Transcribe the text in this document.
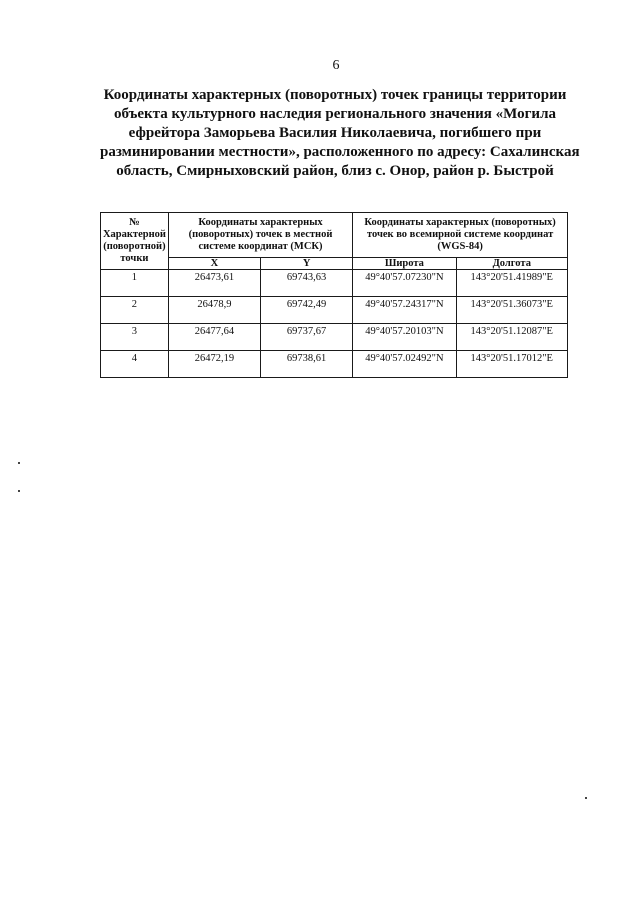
6
Координаты характерных (поворотных) точек границы территории
объекта культурного наследия регионального значения «Могила
ефрейтора Заморьева Василия Николаевича, погибшего при
разминировании местности», расположенного по адресу: Сахалинская
область, Смирныховский район, близ с. Онор, район р. Быстрой
№ Характерной (поворотной) точки	Координаты характерных (поворотных) точек в местной системе координат (МСК)		Координаты характерных (поворотных) точек во всемирной системе координат (WGS-84)	
	X	Y	Широта	Долгота
1	26473,61	69743,63	49°40'57.07230"N	143°20'51.41989"E
2	26478,9	69742,49	49°40'57.24317"N	143°20'51.36073"E
3	26477,64	69737,67	49°40'57.20103"N	143°20'51.12087"E
4	26472,19	69738,61	49°40'57.02492"N	143°20'51.17012"E
